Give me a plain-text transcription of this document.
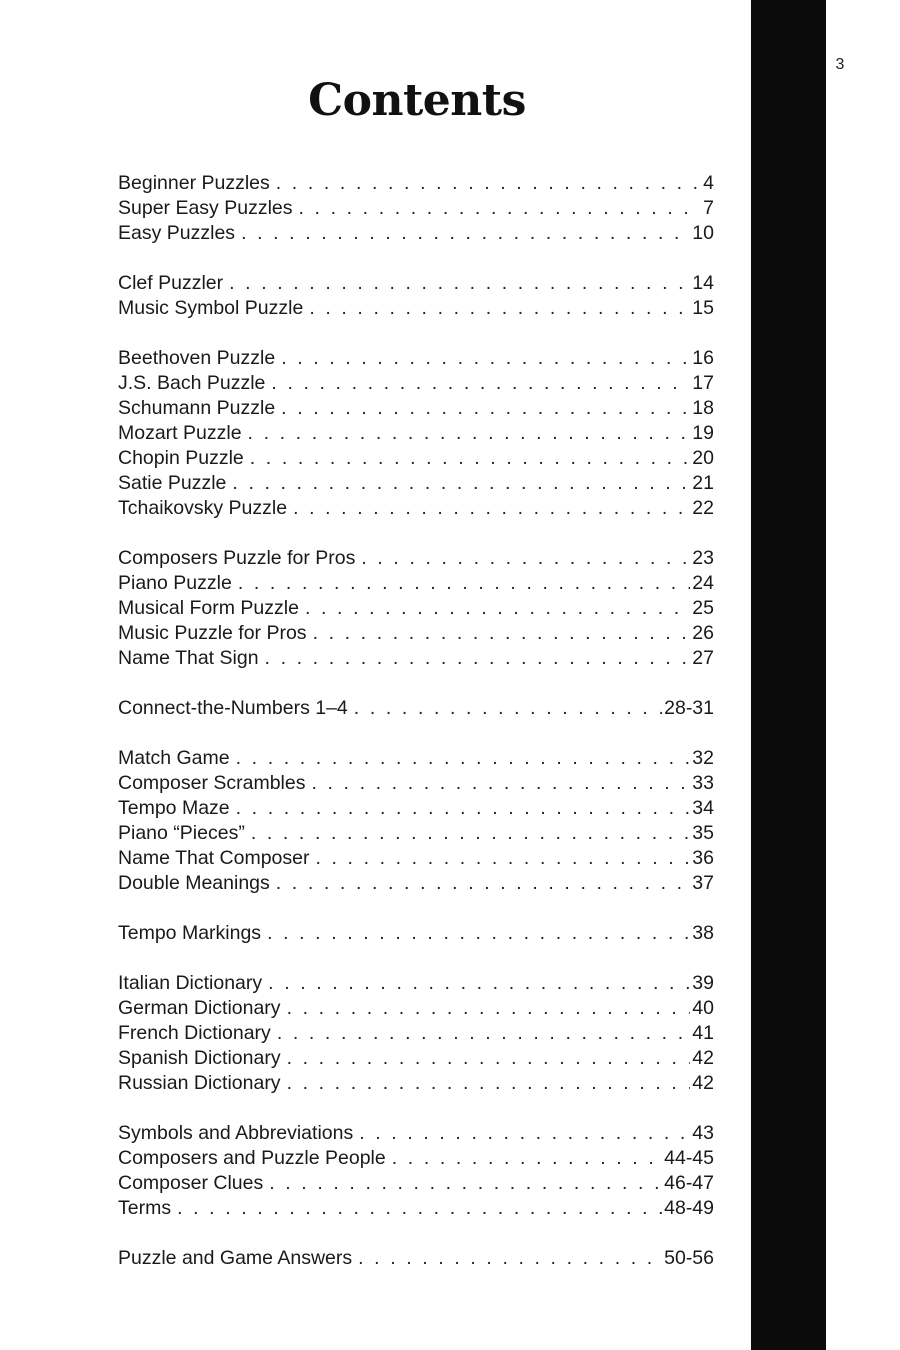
3
Contents
Beginner Puzzles . . .	4
Super Easy Puzzles . . .	7
Easy Puzzles . . .	10
Clef Puzzler . . .	14
Music Symbol Puzzle . . .	15
Beethoven Puzzle . . .	16
J.S. Bach Puzzle . . .	17
Schumann Puzzle . . .	18
Mozart Puzzle . . .	19
Chopin Puzzle . . .	20
Satie Puzzle . . .	21
Tchaikovsky Puzzle . . .	22
Composers Puzzle for Pros . . .	23
Piano Puzzle . . .	24
Musical Form Puzzle . . .	25
Music Puzzle for Pros . . .	26
Name That Sign . . .	27
Connect-the-Numbers 1–4 . . .	28-31
Match Game . . .	32
Composer Scrambles . . .	33
Tempo Maze . . .	34
Piano “Pieces” . . .	35
Name That Composer . . .	36
Double Meanings . . .	37
Tempo Markings . . .	38
Italian Dictionary . . .	39
German Dictionary . . .	40
French Dictionary . . .	41
Spanish Dictionary . . .	42
Russian Dictionary . . .	42
Symbols and Abbreviations . . .	43
Composers and Puzzle People . . .	44-45
Composer Clues . . .	46-47
Terms . . .	48-49
Puzzle and Game Answers . . .	50-56
